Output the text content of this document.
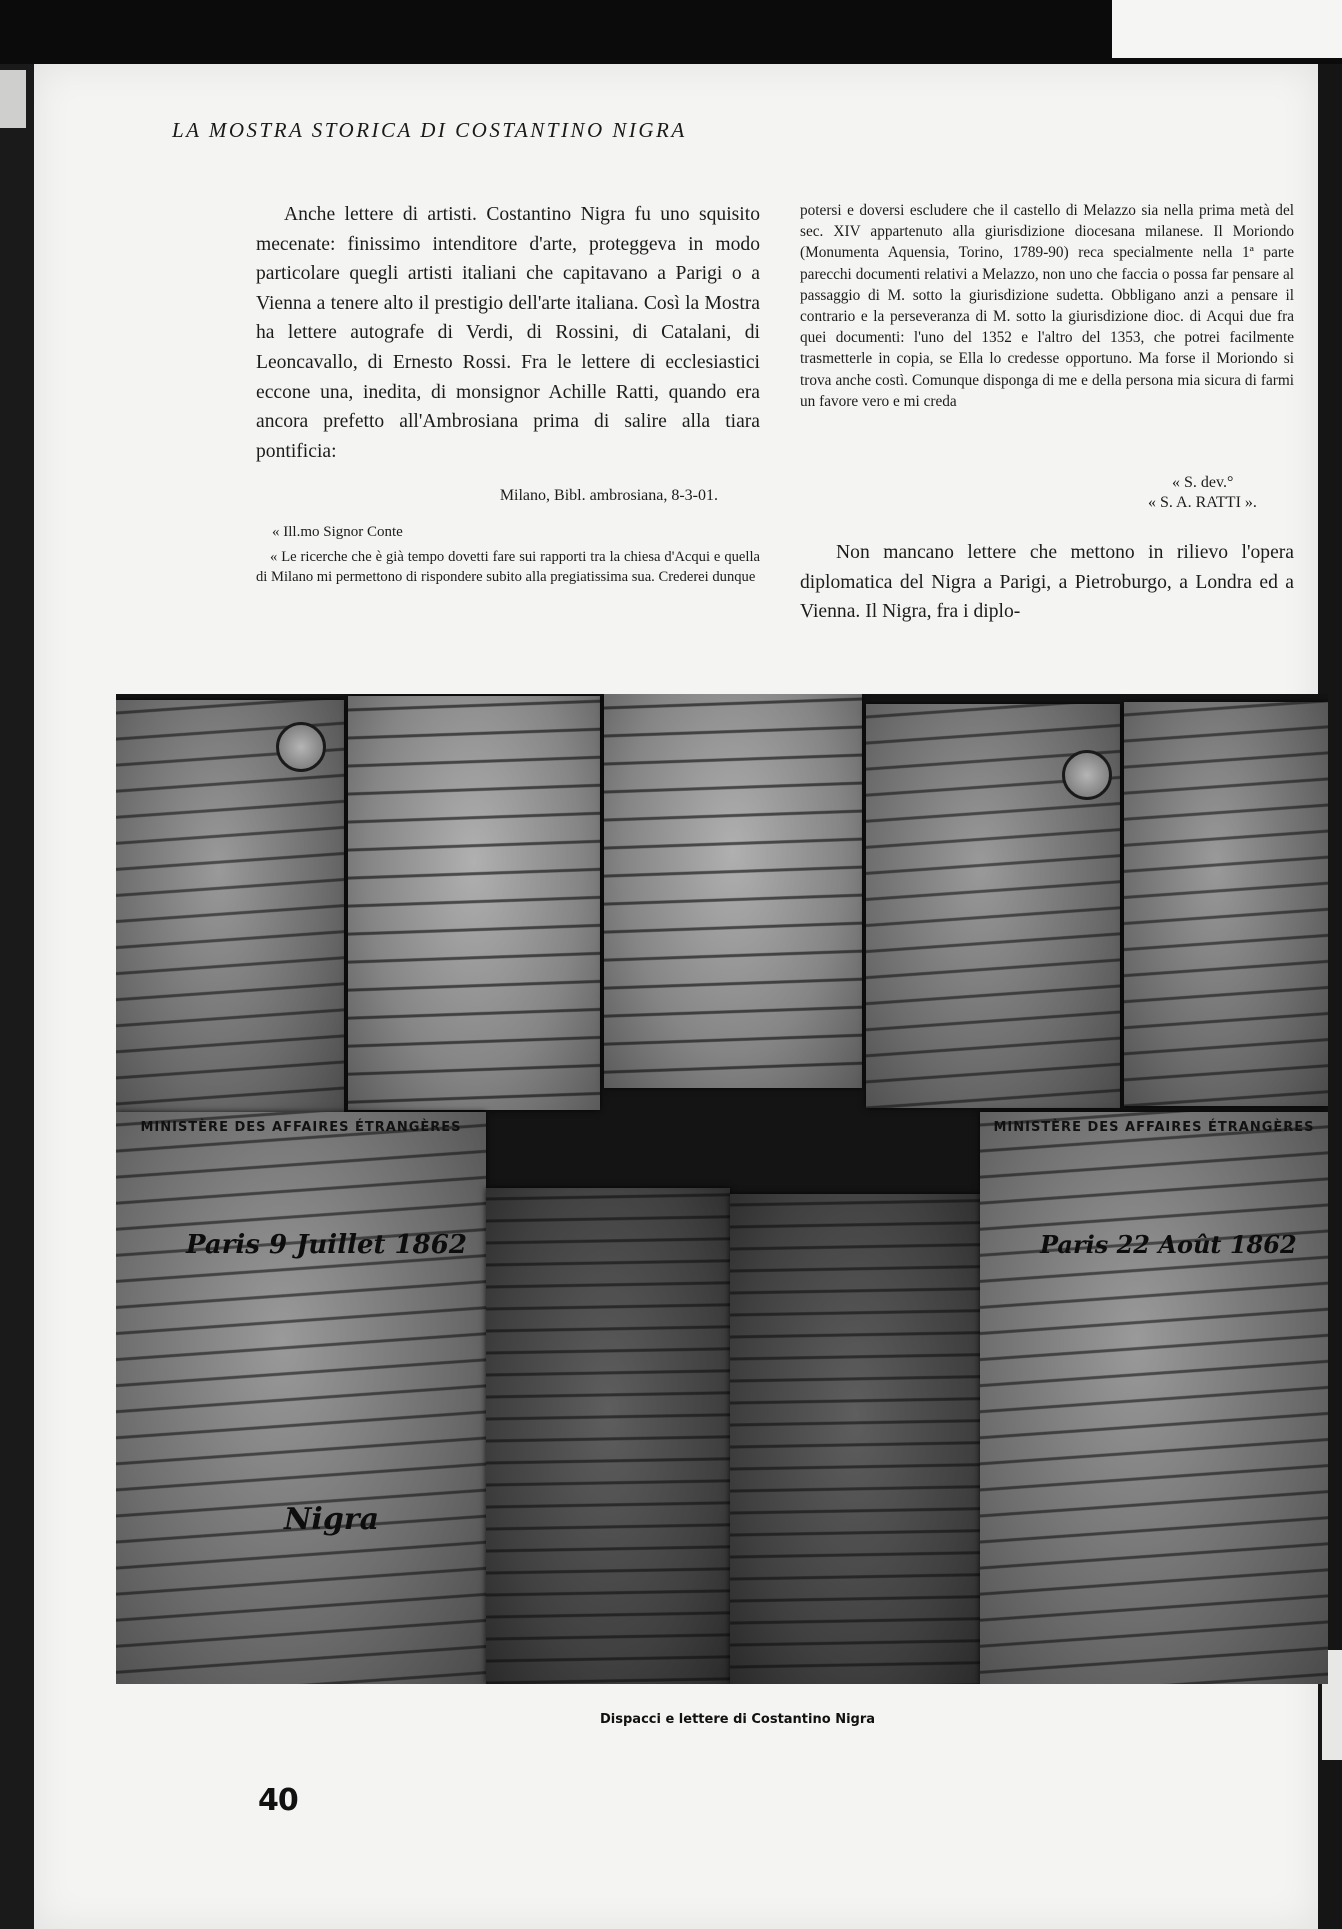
LA MOSTRA STORICA DI COSTANTINO NIGRA

Anche lettere di artisti. Costantino Nigra fu uno squisito mecenate: finissimo intenditore d'arte, proteggeva in modo particolare quegli artisti italiani che capitavano a Parigi o a Vienna a tenere alto il prestigio dell'arte italiana. Così la Mostra ha lettere autografe di Verdi, di Rossini, di Catalani, di Leoncavallo, di Ernesto Rossi. Fra le lettere di ecclesiastici eccone una, inedita, di monsignor Achille Ratti, quando era ancora prefetto all'Ambrosiana prima di salire alla tiara pontificia:

Milano, Bibl. ambrosiana, 8-3-01.
« Ill.mo Signor Conte

« Le ricerche che è già tempo dovetti fare sui rapporti tra la chiesa d'Acqui e quella di Milano mi permettono di rispondere subito alla pregiatissima sua. Crederei dunque

potersi e doversi escludere che il castello di Melazzo sia nella prima metà del sec. XIV appartenuto alla giurisdizione diocesana milanese. Il Moriondo (Monumenta Aquensia, Torino, 1789-90) reca specialmente nella 1ª parte parecchi documenti relativi a Melazzo, non uno che faccia o possa far pensare al passaggio di M. sotto la giurisdizione sudetta. Obbligano anzi a pensare il contrario e la perseveranza di M. sotto la giurisdizione dioc. di Acqui due fra quei documenti: l'uno del 1352 e l'altro del 1353, che potrei facilmente trasmetterle in copia, se Ella lo credesse opportuno. Ma forse il Moriondo si trova anche costì. Comunque disponga di me e della persona mia sicura di farmi un favore vero e mi creda

« S. dev.°
« S. A. RATTI ».

Non mancano lettere che mettono in rilievo l'opera diplomatica del Nigra a Parigi, a Pietroburgo, a Londra ed a Vienna. Il Nigra, fra i diplo-

MINISTÈRE DES AFFAIRES ÉTRANGÈRES
Paris 9 Juillet 1862
Nigra
MINISTÈRE DES AFFAIRES ÉTRANGÈRES
Paris 22 Août 1862
Dispacci e lettere di Costantino Nigra
40
